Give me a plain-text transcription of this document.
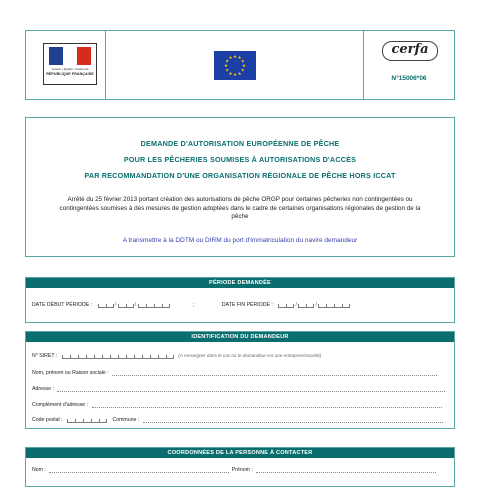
Liberté • Égalité • Fraternité
RÉPUBLIQUE FRANÇAISE
★ ★
★
★
★
★
★
★
★
★
★
★
cerfa
N°15006*06
DEMANDE D'AUTORISATION EUROPÉENNE DE PÊCHE
POUR LES PÊCHERIES SOUMISES À AUTORISATIONS D'ACCÈS
PAR RECOMMANDATION D'UNE ORGANISATION RÉGIONALE DE PÊCHE HORS ICCAT
Arrêté du 25 février 2013 portant création des autorisations de pêche ORGP pour certaines pêcheries non contingentées ou contingentées soumises à des mesures de gestion adoptées dans le cadre de certaines organisations régionales de gestion de la pêche
A transmettre à la DDTM ou DIRM du port d'immatriculation du navire demandeur
PÉRIODE DEMANDÉE
DATE DÉBUT PÉRIODE :	/	/	;	DATE FIN PÉRIODE :	/	/
IDENTIFICATION DU DEMANDEUR
N° SIRET :	(A renseigner dans le cas où le demandeur est une entreprise/société)
Nom, prénom ou Raison sociale :
Adresse :
Complément d'adresse :
Code postal :	Commune :
COORDONNÉES DE LA PERSONNE À CONTACTER
Nom :	Prénom :
